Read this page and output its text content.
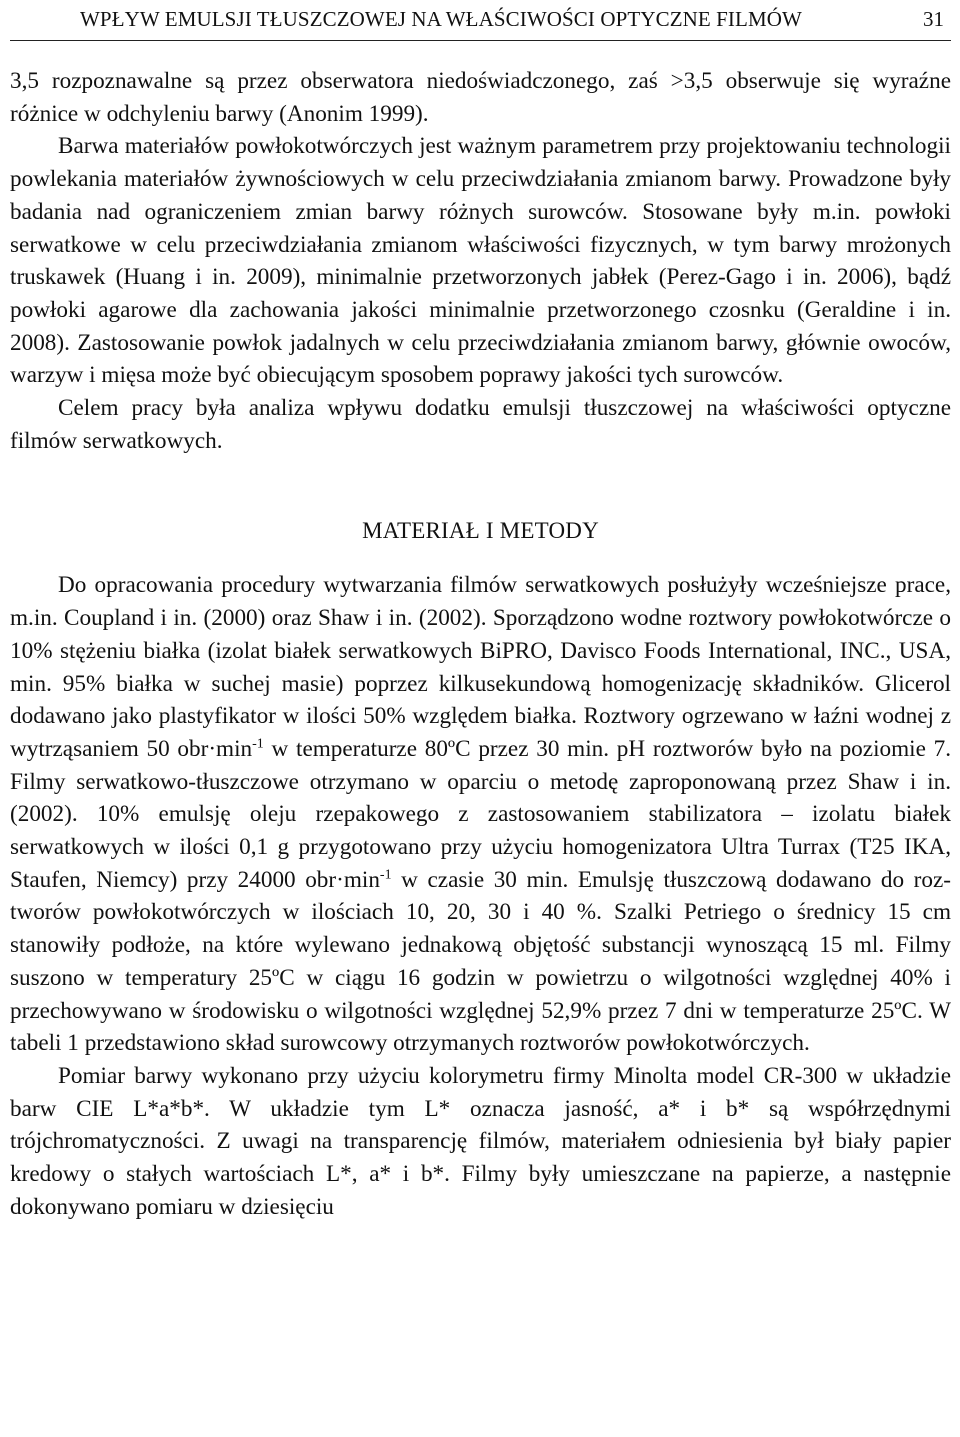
WPŁYW EMULSJI TŁUSZCZOWEJ NA WŁAŚCIWOŚCI OPTYCZNE FILMÓW	31

3,5 rozpoznawalne są przez obserwatora niedoświadczonego, zaś >3,5 obserwuje się wyraźne różnice w odchyleniu barwy (Anonim 1999).

Barwa materiałów powłokotwórczych jest ważnym parametrem przy projektowaniu technologii powlekania materiałów żywnościowych w celu przeciwdziałania zmianom barwy. Prowadzone były badania nad ograniczeniem zmian barwy różnych surowców. Stosowane były m.in. powłoki serwatkowe w celu przeciwdziałania zmianom właściwości fizycznych, w tym barwy mrożonych truskawek (Huang i in. 2009), minimalnie przetworzonych jabłek (Perez-Gago i in. 2006), bądź powłoki agarowe dla zachowania jakości minimalnie przetworzonego czosnku (Geraldine i in. 2008). Zastosowanie powłok jadalnych w celu przeciwdziałania zmianom barwy, głównie owoców, warzyw i mięsa może być obiecującym sposobem poprawy jakości tych surowców.

Celem pracy była analiza wpływu dodatku emulsji tłuszczowej na właściwości optyczne filmów serwatkowych.

MATERIAŁ I METODY

Do opracowania procedury wytwarzania filmów serwatkowych posłużyły wcześniejsze prace, m.in. Coupland i in. (2000) oraz Shaw i in. (2002). Sporządzono wodne roztwory powłokotwórcze o 10% stężeniu białka (izolat białek serwatkowych BiPRO, Davisco Foods International, INC., USA, min. 95% białka w suchej masie) poprzez kilkusekundową homogenizację składników. Glicerol dodawano jako plastyfikator w ilości 50% względem białka. Roztwory ogrzewano w łaźni wodnej z wytrząsaniem 50 $obr\cdot\min^{-1}$ w temperaturze 80ºC przez 30 min. pH roztworów było na poziomie 7. Filmy serwatkowo-tłuszczowe otrzymano w oparciu o metodę zaproponowaną przez Shaw i in. (2002). 10% emulsję oleju rzepakowego z zastosowaniem stabilizatora – izolatu białek serwatkowych w ilości 0,1 g przygotowano przy użyciu homogenizatora Ultra Turrax (T25 IKA, Staufen, Niemcy) przy 24000 $obr\cdot\min^{-1}$ w czasie 30 min. Emulsję tłuszczową dodawano do roztworów powłokotwórczych w ilościach 10, 20, 30 i 40 %. Szalki Petriego o średnicy 15 cm stanowiły podłoże, na które wylewano jednakową objętość substancji wynoszącą 15 ml. Filmy suszono w temperatury 25ºC w ciągu 16 godzin w powietrzu o wilgotności względnej 40% i przechowywano w środowisku o wilgotności względnej 52,9% przez 7 dni w temperaturze 25ºC. W tabeli 1 przedstawiono skład surowcowy otrzymanych roztworów powłokotwórczych.

Pomiar barwy wykonano przy użyciu kolorymetru firmy Minolta model CR-300 w układzie barw CIE L*a*b*. W układzie tym L* oznacza jasność, a* i b* są współrzędnymi trójchromatyczności. Z uwagi na transparencję filmów, materiałem odniesienia był biały papier kredowy o stałych wartościach L*, a* i b*. Filmy były umieszczane na papierze, a następnie dokonywano pomiaru w dziesięciu
